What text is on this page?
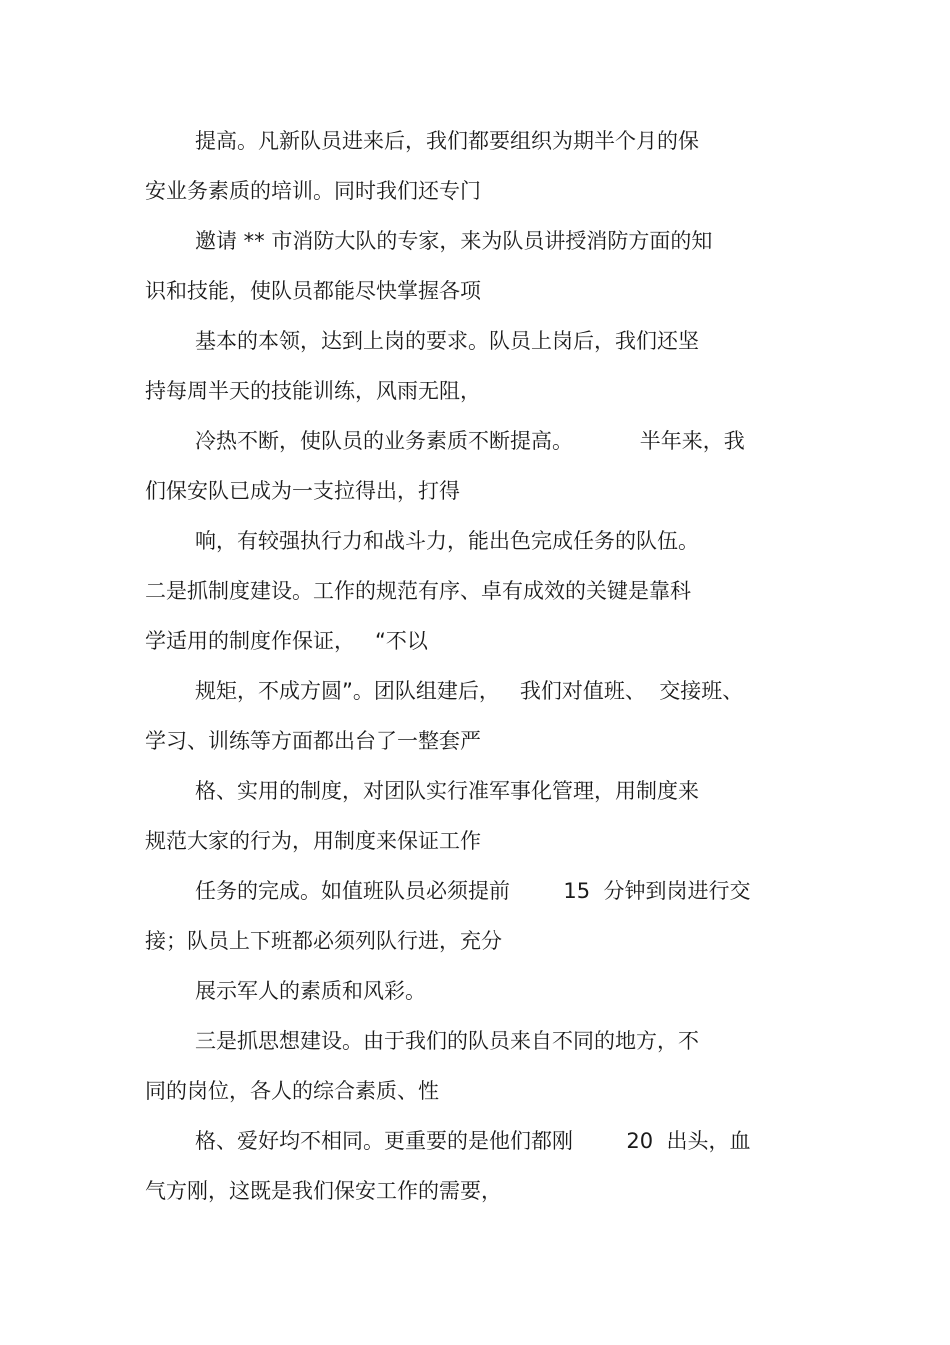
提高。凡新队员进来后，我们都要组织为期半个月的保

安业务素质的培训。同时我们还专门

邀请 ** 市消防大队的专家，来为队员讲授消防方面的知

识和技能，使队员都能尽快掌握各项

基本的本领，达到上岗的要求。队员上岗后，我们还坚

持每周半天的技能训练，风雨无阻，

冷热不断，使队员的业务素质不断提高。          半年来，我

们保安队已成为一支拉得出，打得

响，有较强执行力和战斗力，能出色完成任务的队伍。

二是抓制度建设。工作的规范有序、卓有成效的关键是靠科

学适用的制度作保证，   “不以

规矩，不成方圆”。团队组建后，   我们对值班、  交接班、

学习、训练等方面都出台了一整套严

格、实用的制度，对团队实行准军事化管理，用制度来

规范大家的行为，用制度来保证工作

任务的完成。如值班队员必须提前        15  分钟到岗进行交

接；队员上下班都必须列队行进，充分

展示军人的素质和风彩。

三是抓思想建设。由于我们的队员来自不同的地方，不

同的岗位，各人的综合素质、性

格、爱好均不相同。更重要的是他们都刚        20  出头，血

气方刚，这既是我们保安工作的需要，
